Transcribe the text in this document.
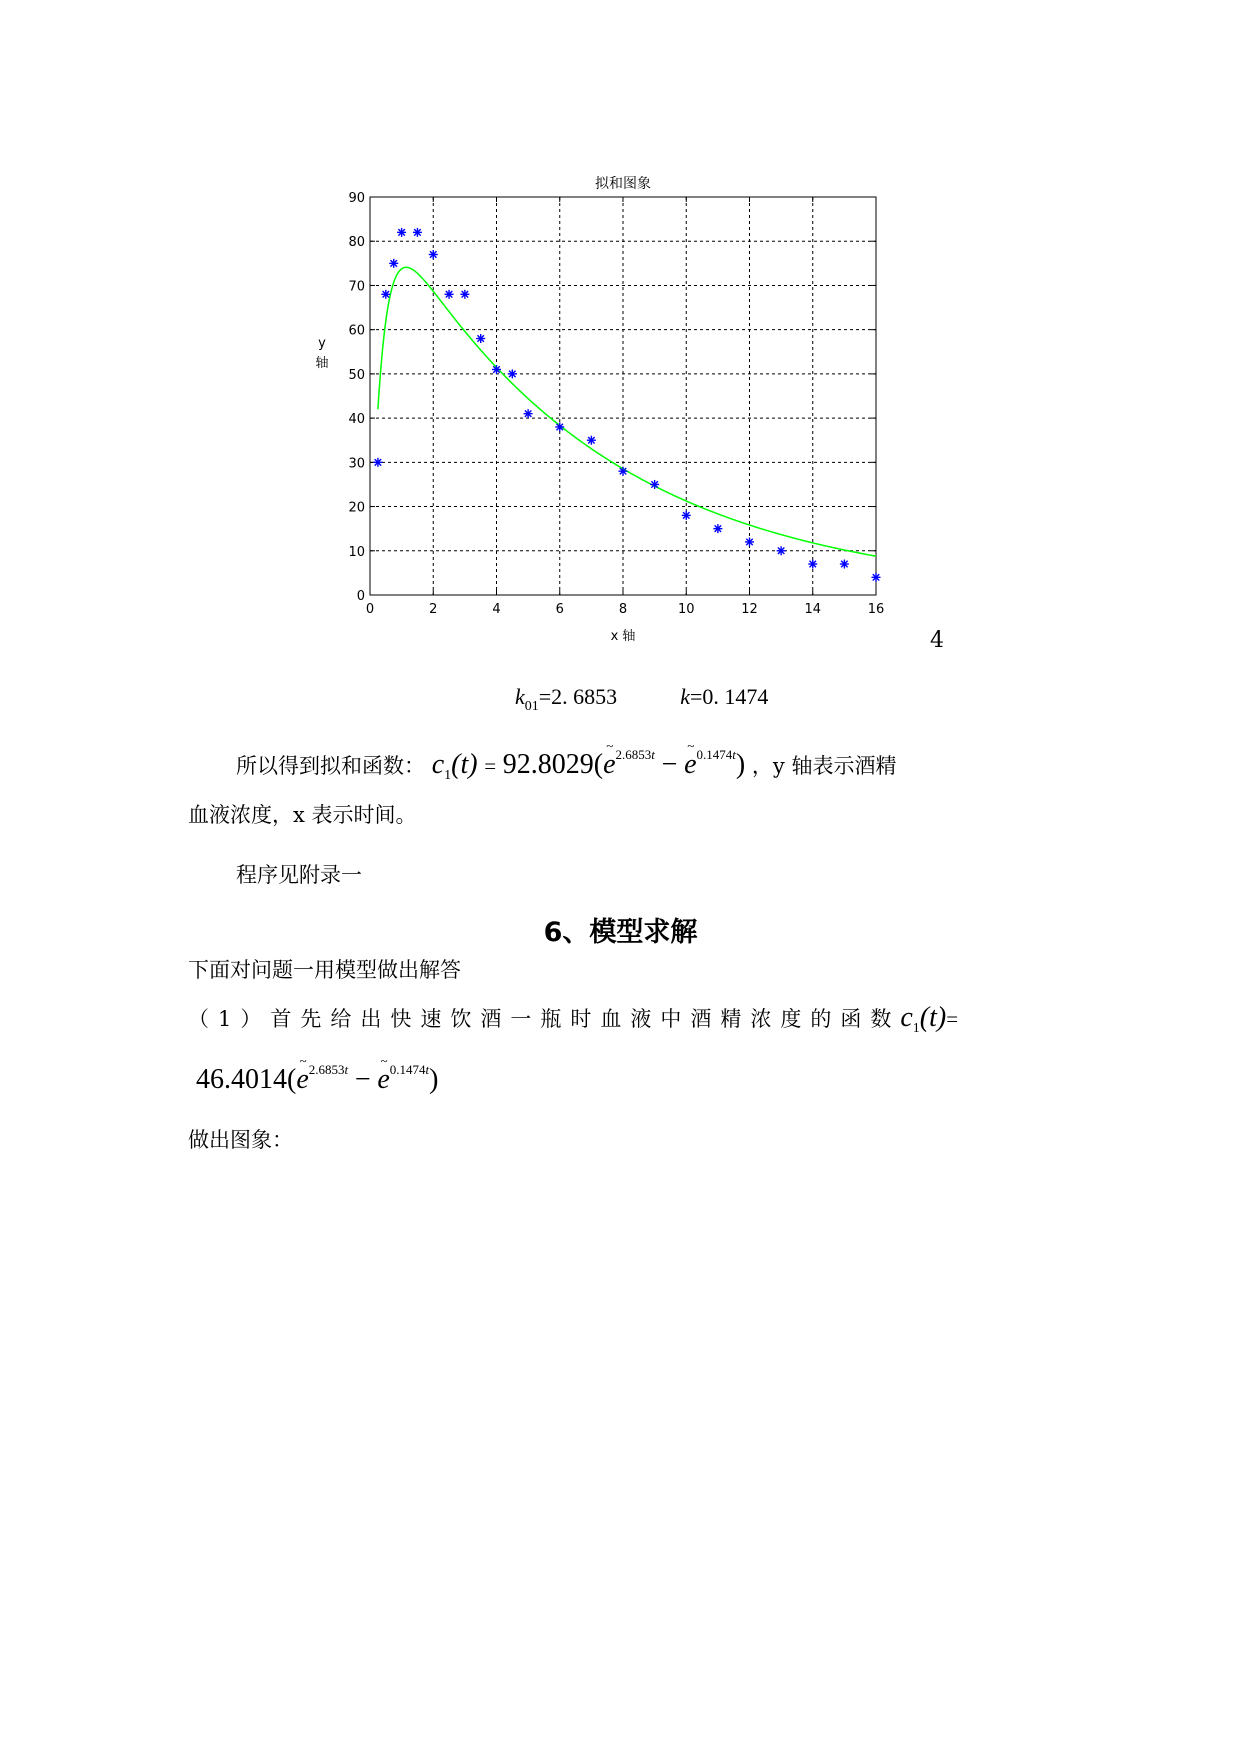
0	2	4	6	8	10	12	14	16
0
10
20
30
40
50
60
70
80
90
拟和图象
x 轴
y
轴
4
$k_{01}=2$. 6853	k=0. 1474
所以得到拟和函数： $c_1(t)$ = 92.8029(~ $e^{2.6853t}$ − ~ $e^{0.1474t}$) ，y 轴表示酒精
血液浓度，x 表示时间。
程序见附录一
6、模型求解
下面对问题一用模型做出解答
（1）首先给出快速饮酒一瓶时血液中酒精浓度的函数$c_1(t)=$
46.4014(~ $e^{2.6853t}$ − ~ $e^{0.1474t}$)
做出图象：
